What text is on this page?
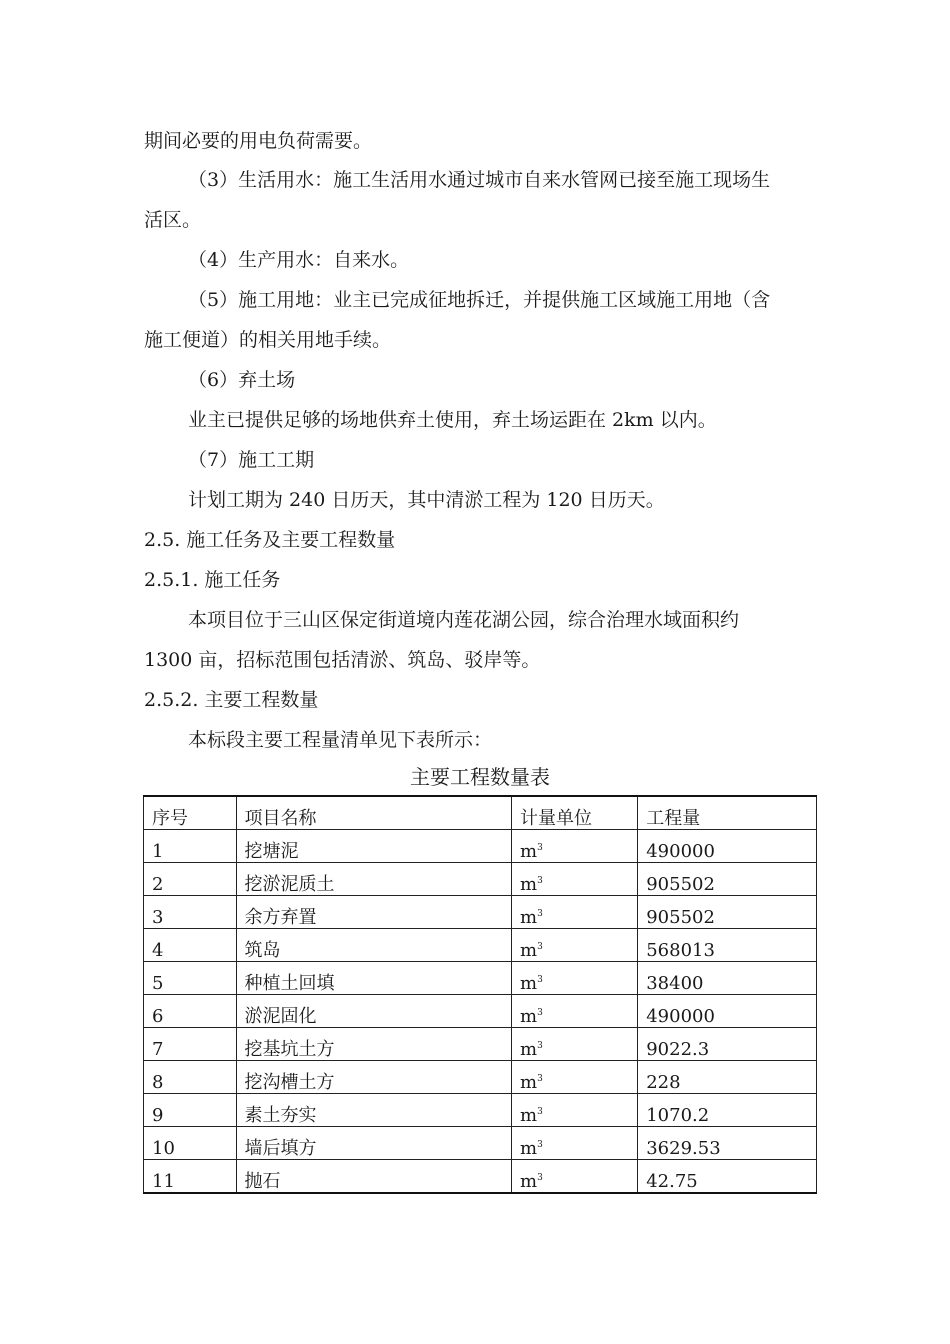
期间必要的用电负荷需要。
（3）生活用水：施工生活用水通过城市自来水管网已接至施工现场生
活区。
（4）生产用水：自来水。
（5）施工用地：业主已完成征地拆迁，并提供施工区域施工用地（含
施工便道）的相关用地手续。
（6）弃土场
业主已提供足够的场地供弃土使用，弃土场运距在 2km 以内。
（7）施工工期
计划工期为 240 日历天，其中清淤工程为 120 日历天。
2.5. 施工任务及主要工程数量
2.5.1. 施工任务
本项目位于三山区保定街道境内莲花湖公园，综合治理水域面积约
1300 亩，招标范围包括清淤、筑岛、驳岸等。
2.5.2. 主要工程数量
本标段主要工程量清单见下表所示：
主要工程数量表
序号	项目名称	计量单位	工程量
1	挖塘泥	$m^3$	490000
2	挖淤泥质土	$m^3$	905502
3	余方弃置	$m^3$	905502
4	筑岛	$m^3$	568013
5	种植土回填	$m^3$	38400
6	淤泥固化	$m^3$	490000
7	挖基坑土方	$m^3$	9022.3
8	挖沟槽土方	$m^3$	228
9	素土夯实	$m^3$	1070.2
10	墙后填方	$m^3$	3629.53
11	抛石	$m^3$	42.75
